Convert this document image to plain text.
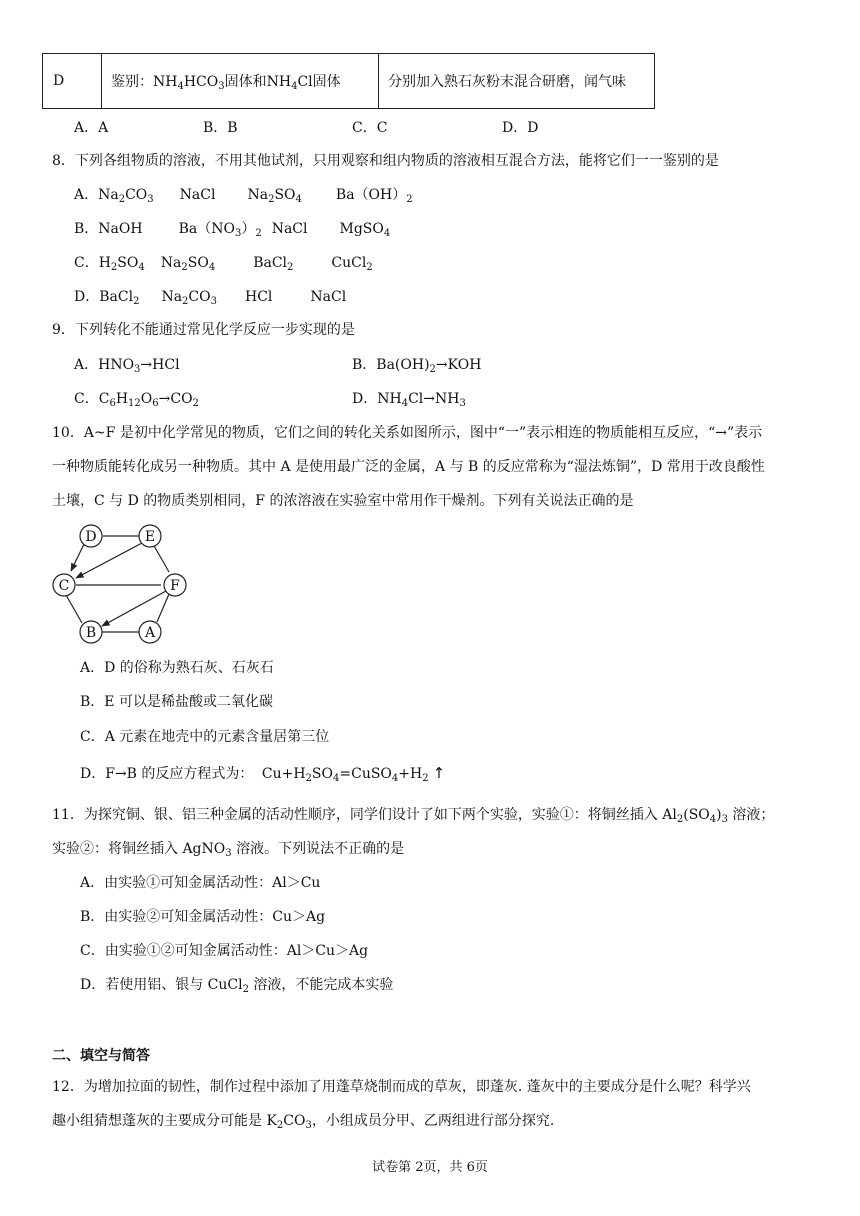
D	鉴别：$NH_4HCO_3$固体和$NH_4Cl$固体	分别加入熟石灰粉末混合研磨，闻气味
A．A	B．B	C．C	D．D
8．下列各组物质的溶液，不用其他试剂，只用观察和组内物质的溶液相互混合方法，能将它们一一鉴别的是
A．$Na_2CO_3$ NaCl $Na_2SO_4$ $Ba(OH)_2$
B．NaOH	$Ba(NO_3)_2$ NaCl MgSO$_4$
C．$H_2SO_4$ $Na_2SO_4$	BaCl$_2$	CuCl$_2$
D．BaCl$_2$ $Na_2CO_3$ HCl	NaCl
9．下列转化不能通过常见化学反应一步实现的是
A．$HNO_3\to HCl$	B．$Ba(OH)_2\to KOH$
C．$C_6H_{12}O_6\to CO_2$	D．$NH_4Cl\to NH_3$
10．A~F 是初中化学常见的物质，它们之间的转化关系如图所示，图中“一”表示相连的物质能相互反应，“→”表示
一种物质能转化成另一种物质。其中 A 是使用最广泛的金属，A 与 B 的反应常称为“湿法炼铜”，D 常用于改良酸性
土壤，C 与 D 的物质类别相同，F 的浓溶液在实验室中常用作干燥剂。下列有关说法正确的是
D	E
C	F
B	A
A．D 的俗称为熟石灰、石灰石
B．E 可以是稀盐酸或二氧化碳
C．A 元素在地壳中的元素含量居第三位
D．F→B 的反应方程式为： $Cu+H_2SO_4=CuSO_4+H_2$ ↑
11．为探究铜、银、铝三种金属的活动性顺序，同学们设计了如下两个实验，实验①：将铜丝插入 $Al_2(SO_4)_3$ 溶液；
实验②：将铜丝插入 AgNO$_3$ 溶液。下列说法不正确的是
A．由实验①可知金属活动性：Al＞Cu
B．由实验②可知金属活动性：Cu＞Ag
C．由实验①②可知金属活动性：Al＞Cu＞Ag
D．若使用铝、银与 CuCl$_2$ 溶液，不能完成本实验
二、填空与简答
12．为增加拉面的韧性，制作过程中添加了用蓬草烧制而成的草灰，即蓬灰. 蓬灰中的主要成分是什么呢？科学兴
趣小组猜想蓬灰的主要成分可能是 $K_2CO_3$，小组成员分甲、乙两组进行部分探究.
试卷第 2页，共 6页
